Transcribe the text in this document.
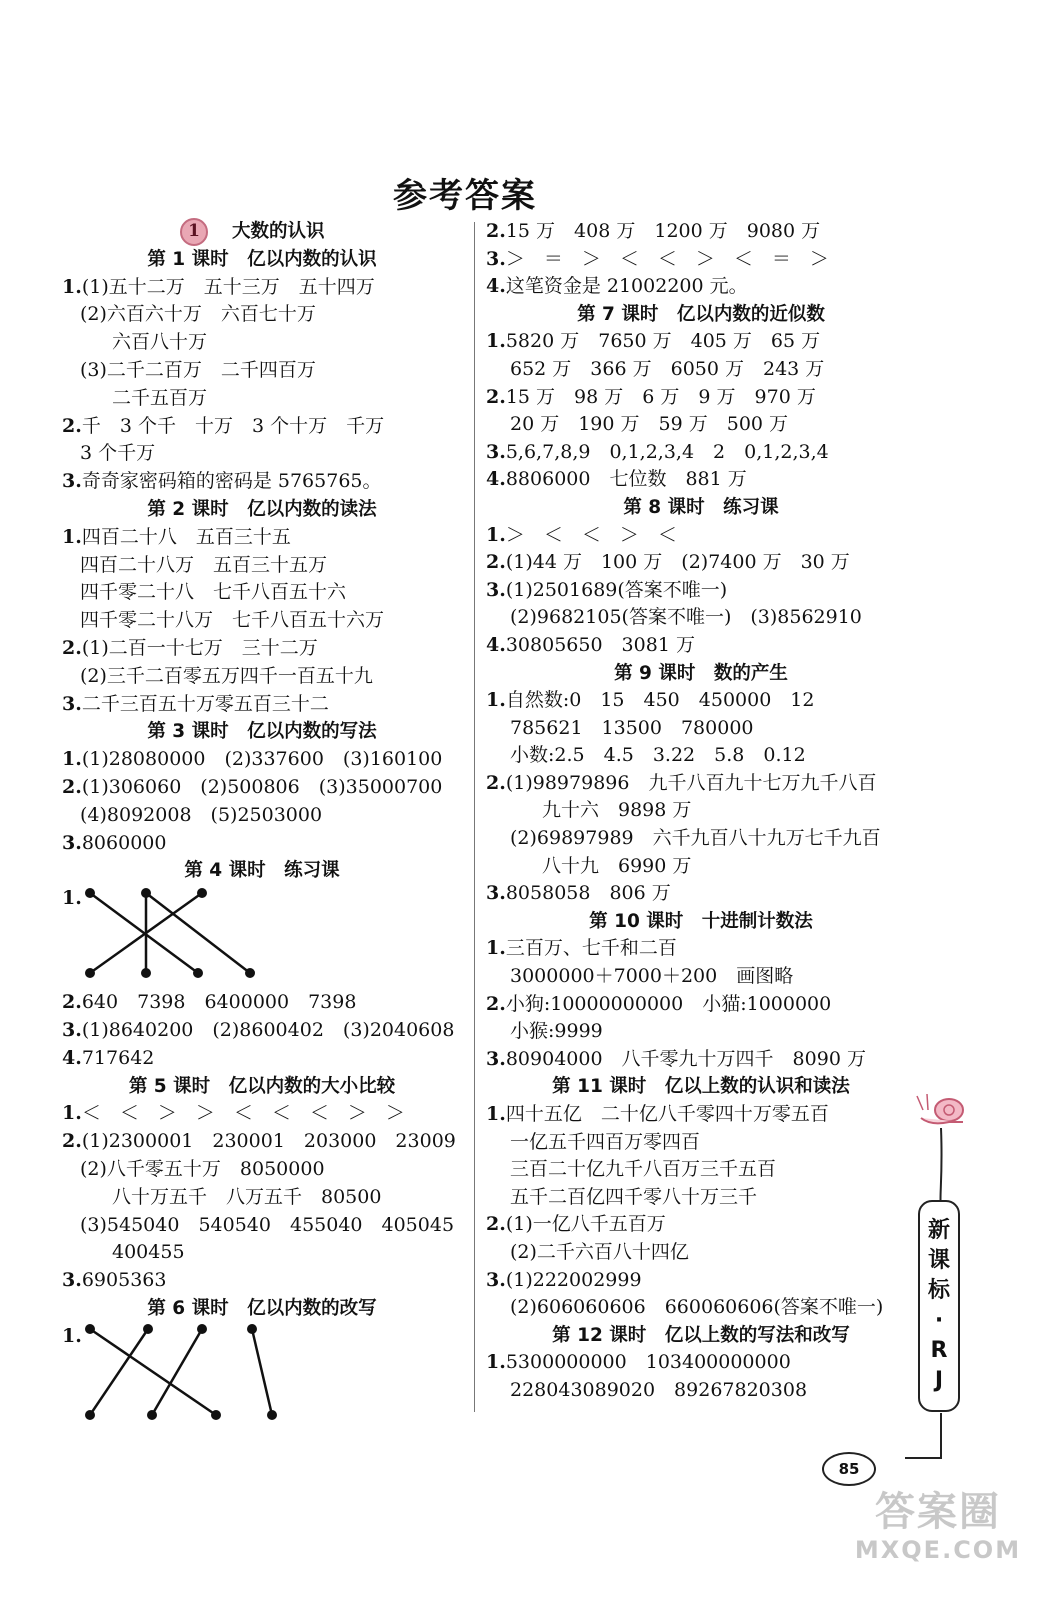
参考答案
1	大数的认识
第 1 课时　亿以内数的认识
1.(1)五十二万　五十三万　五十四万
(2)六百六十万　六百七十万
六百八十万
(3)二千二百万　二千四百万
二千五百万
2.千　3 个千　十万　3 个十万　千万
3 个千万
3.奇奇家密码箱的密码是 5765765。
第 2 课时　亿以内数的读法
1.四百二十八　五百三十五
四百二十八万　五百三十五万
四千零二十八　七千八百五十六
四千零二十八万　七千八百五十六万
2.(1)二百一十七万　三十二万
(2)三千二百零五万四千一百五十九
3.二千三百五十万零五百三十二
第 3 课时　亿以内数的写法
1.(1)28080000　(2)337600　(3)160100
2.(1)306060　(2)500806　(3)35000700
(4)8092008　(5)2503000
3.8060000
第 4 课时　练习课
1.
2.640　7398　6400000　7398
3.(1)8640200　(2)8600402　(3)2040608
4.717642
第 5 课时　亿以内数的大小比较
1.＜　＜　＞　＞　＜　＜　＜　＞　＞
2.(1)2300001　230001　203000　23009
(2)八千零五十万　8050000
八十万五千　八万五千　80500
(3)545040　540540　455040　405045
400455
3.6905363
第 6 课时　亿以内数的改写
1.
2.15 万　408 万　1200 万　9080 万
3.＞　＝　＞　＜　＜　＞　＜　＝　＞
4.这笔资金是 21002200 元。
第 7 课时　亿以内数的近似数
1.5820 万　7650 万　405 万　65 万
652 万　366 万　6050 万　243 万
2.15 万　98 万　6 万　9 万　970 万
20 万　190 万　59 万　500 万
3.5,6,7,8,9　0,1,2,3,4　2　0,1,2,3,4
4.8806000　七位数　881 万
第 8 课时　练习课
1.＞　＜　＜　＞　＜
2.(1)44 万　100 万　(2)7400 万　30 万
3.(1)2501689(答案不唯一)
(2)9682105(答案不唯一)　(3)8562910
4.30805650　3081 万
第 9 课时　数的产生
1.自然数:0　15　450　450000　12
785621　13500　780000
小数:2.5　4.5　3.22　5.8　0.12
2.(1)98979896　九千八百九十七万九千八百
九十六　9898 万
(2)69897989　六千九百八十九万七千九百
八十九　6990 万
3.8058058　806 万
第 10 课时　十进制计数法
1.三百万、七千和二百
3000000＋7000＋200　画图略
2.小狗:10000000000　小猫:1000000
小猴:9999
3.80904000　八千零九十万四千　8090 万
第 11 课时　亿以上数的认识和读法
1.四十五亿　二十亿八千零四十万零五百
一亿五千四百万零四百
三百二十亿九千八百万三千五百
五千二百亿四千零八十万三千
2.(1)一亿八千五百万
(2)二千六百八十四亿
3.(1)222002999
(2)606060606　660060606(答案不唯一)
第 12 课时　亿以上数的写法和改写
1.5300000000　103400000000
228043089020　89267820308
新
课
标
·
R
J
85
答案圈
MXQE.COM
